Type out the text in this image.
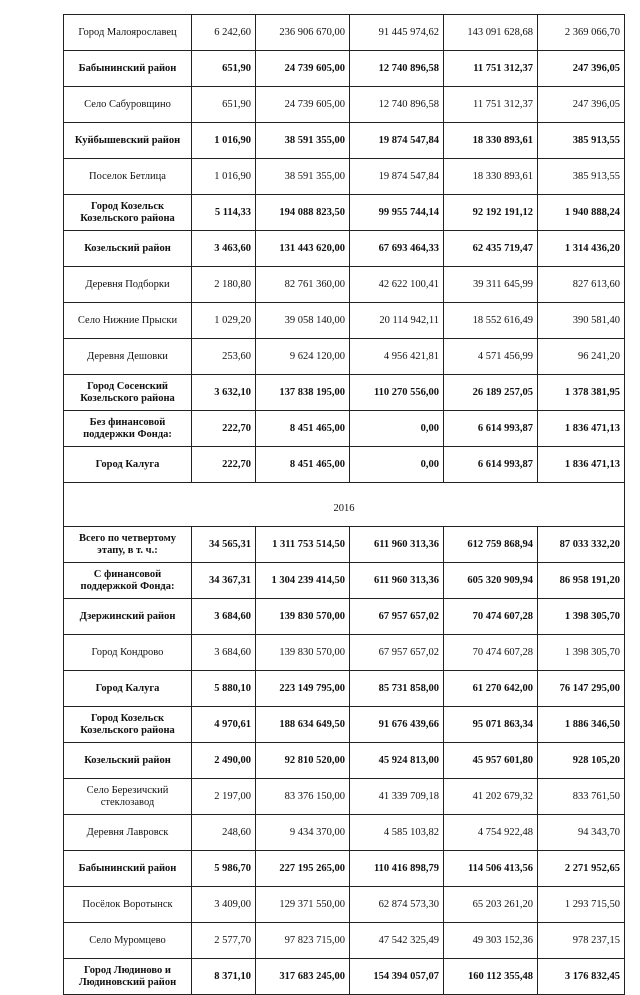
Город Малоярославец	6 242,60	236 906 670,00	91 445 974,62	143 091 628,68	2 369 066,70
Бабынинский район	651,90	24 739 605,00	12 740 896,58	11 751 312,37	247 396,05
Село Сабуровщино	651,90	24 739 605,00	12 740 896,58	11 751 312,37	247 396,05
Куйбышевский район	1 016,90	38 591 355,00	19 874 547,84	18 330 893,61	385 913,55
Поселок Бетлица	1 016,90	38 591 355,00	19 874 547,84	18 330 893,61	385 913,55
Город Козельск Козельского района	5 114,33	194 088 823,50	99 955 744,14	92 192 191,12	1 940 888,24
Козельский район	3 463,60	131 443 620,00	67 693 464,33	62 435 719,47	1 314 436,20
Деревня Подборки	2 180,80	82 761 360,00	42 622 100,41	39 311 645,99	827 613,60
Село Нижние Прыски	1 029,20	39 058 140,00	20 114 942,11	18 552 616,49	390 581,40
Деревня Дешовки	253,60	9 624 120,00	4 956 421,81	4 571 456,99	96 241,20
Город Сосенский Козельского района	3 632,10	137 838 195,00	110 270 556,00	26 189 257,05	1 378 381,95
Без финансовой поддержки Фонда:	222,70	8 451 465,00	0,00	6 614 993,87	1 836 471,13
Город Калуга	222,70	8 451 465,00	0,00	6 614 993,87	1 836 471,13
2016					
Всего по четвертому этапу, в т. ч.:	34 565,31	1 311 753 514,50	611 960 313,36	612 759 868,94	87 033 332,20
С финансовой поддержкой Фонда:	34 367,31	1 304 239 414,50	611 960 313,36	605 320 909,94	86 958 191,20
Дзержинский район	3 684,60	139 830 570,00	67 957 657,02	70 474 607,28	1 398 305,70
Город Кондрово	3 684,60	139 830 570,00	67 957 657,02	70 474 607,28	1 398 305,70
Город Калуга	5 880,10	223 149 795,00	85 731 858,00	61 270 642,00	76 147 295,00
Город Козельск Козельского района	4 970,61	188 634 649,50	91 676 439,66	95 071 863,34	1 886 346,50
Козельский район	2 490,00	92 810 520,00	45 924 813,00	45 957 601,80	928 105,20
Село Березичский стеклозавод	2 197,00	83 376 150,00	41 339 709,18	41 202 679,32	833 761,50
Деревня Лавровск	248,60	9 434 370,00	4 585 103,82	4 754 922,48	94 343,70
Бабынинский район	5 986,70	227 195 265,00	110 416 898,79	114 506 413,56	2 271 952,65
Посёлок Воротынск	3 409,00	129 371 550,00	62 874 573,30	65 203 261,20	1 293 715,50
Село Муромцево	2 577,70	97 823 715,00	47 542 325,49	49 303 152,36	978 237,15
Город Людиново и Людиновский район	8 371,10	317 683 245,00	154 394 057,07	160 112 355,48	3 176 832,45
